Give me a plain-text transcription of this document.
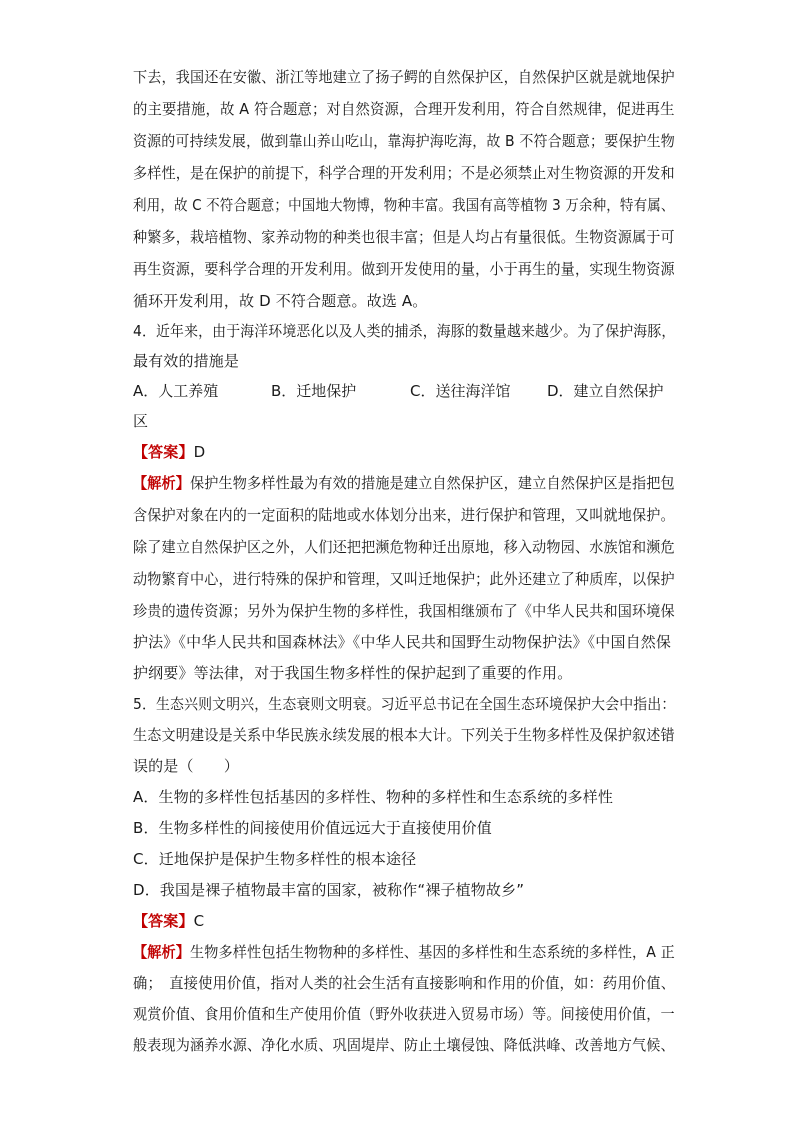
下去，我国还在安徽、浙江等地建立了扬子鳄的自然保护区，自然保护区就是就地保护
的主要措施，故 A 符合题意；对自然资源，合理开发利用，符合自然规律，促进再生
资源的可持续发展，做到靠山养山吃山，靠海护海吃海，故 B 不符合题意；要保护生物
多样性，是在保护的前提下，科学合理的开发利用；不是必须禁止对生物资源的开发和
利用，故 C 不符合题意；中国地大物博，物种丰富。我国有高等植物 3 万余种，特有属、
种繁多，栽培植物、家养动物的种类也很丰富；但是人均占有量很低。生物资源属于可
再生资源，要科学合理的开发利用。做到开发使用的量，小于再生的量，实现生物资源
循环开发利用，故 D 不符合题意。故选 A。
4．近年来，由于海洋环境恶化以及人类的捕杀，海豚的数量越来越少。为了保护海豚，
最有效的措施是
A．人工养殖	B．迁地保护	C．送往海洋馆 D．建立自然保护
区
【答案】D
【解析】保护生物多样性最为有效的措施是建立自然保护区，建立自然保护区是指把包
含保护对象在内的一定面积的陆地或水体划分出来，进行保护和管理，又叫就地保护。
除了建立自然保护区之外，人们还把把濒危物种迁出原地，移入动物园、水族馆和濒危
动物繁育中心，进行特殊的保护和管理，又叫迁地保护；此外还建立了种质库，以保护
珍贵的遗传资源；另外为保护生物的多样性，我国相继颁布了《中华人民共和国环境保
护法》《中华人民共和国森林法》《中华人民共和国野生动物保护法》《中国自然保
护纲要》等法律，对于我国生物多样性的保护起到了重要的作用。
5．生态兴则文明兴，生态衰则文明衰。习近平总书记在全国生态环境保护大会中指出：
生态文明建设是关系中华民族永续发展的根本大计。下列关于生物多样性及保护叙述错
误的是（　　）
A．生物的多样性包括基因的多样性、物种的多样性和生态系统的多样性
B．生物多样性的间接使用价值远远大于直接使用价值
C．迁地保护是保护生物多样性的根本途径
D．我国是裸子植物最丰富的国家，被称作“裸子植物故乡”
【答案】C
【解析】生物多样性包括生物物种的多样性、基因的多样性和生态系统的多样性，A 正
确；　直接使用价值，指对人类的社会生活有直接影响和作用的价值，如：药用价值、
观赏价值、食用价值和生产使用价值（野外收获进入贸易市场）等。间接使用价值，一
般表现为涵养水源、净化水质、巩固堤岸、防止土壤侵蚀、降低洪峰、改善地方气候、
